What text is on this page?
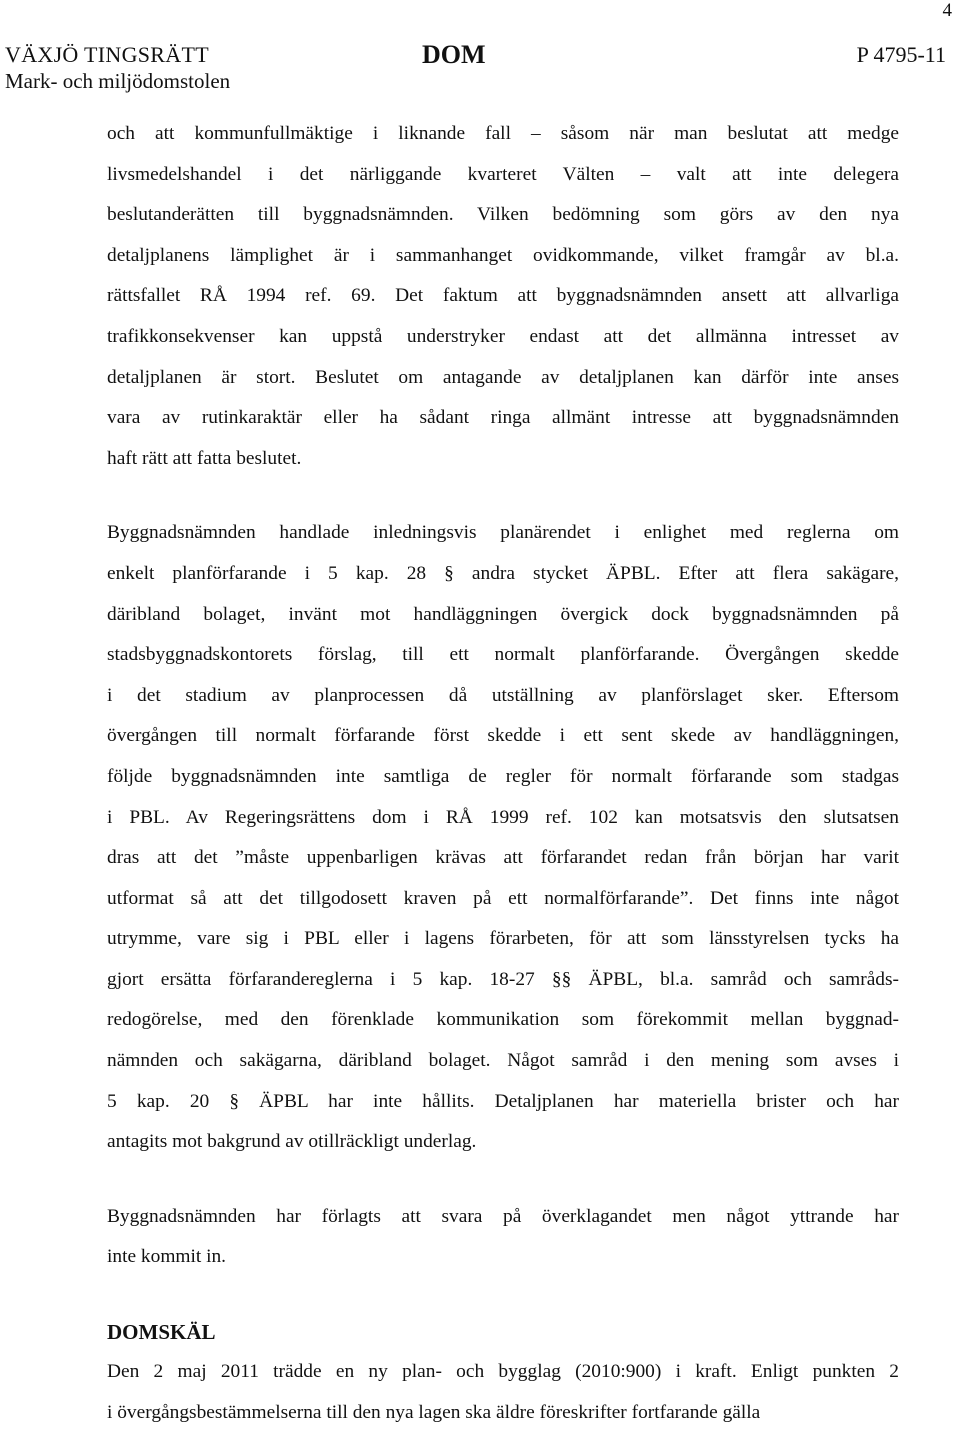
4
VÄXJÖ TINGSRÄTT
Mark- och miljödomstolen
DOM	P 4795-11

och att kommunfullmäktige i liknande fall – såsom när man beslutat att medge
livsmedelshandel i det närliggande kvarteret Välten – valt att inte delegera
beslutanderätten till byggnadsnämnden. Vilken bedömning som görs av den nya
detaljplanens lämplighet är i sammanhanget ovidkommande, vilket framgår av bl.a.
rättsfallet RÅ 1994 ref. 69. Det faktum att byggnadsnämnden ansett att allvarliga
trafikkonsekvenser kan uppstå understryker endast att det allmänna intresset av
detaljplanen är stort. Beslutet om antagande av detaljplanen kan därför inte anses
vara av rutinkaraktär eller ha sådant ringa allmänt intresse att byggnadsnämnden
haft rätt att fatta beslutet.

Byggnadsnämnden handlade inledningsvis planärendet i enlighet med reglerna om
enkelt planförfarande i 5 kap. 28 § andra stycket ÄPBL. Efter att flera sakägare,
däribland bolaget, invänt mot handläggningen övergick dock byggnadsnämnden på
stadsbyggnadskontorets förslag, till ett normalt planförfarande. Övergången skedde
i det stadium av planprocessen då utställning av planförslaget sker. Eftersom
övergången till normalt förfarande först skedde i ett sent skede av handläggningen,
följde byggnadsnämnden inte samtliga de regler för normalt förfarande som stadgas
i PBL. Av Regeringsrättens dom i RÅ 1999 ref. 102 kan motsatsvis den slutsatsen
dras att det ”måste uppenbarligen krävas att förfarandet redan från början har varit
utformat så att det tillgodosett kraven på ett normalförfarande”. Det finns inte något
utrymme, vare sig i PBL eller i lagens förarbeten, för att som länsstyrelsen tycks ha
gjort ersätta förfarandereglerna i 5 kap. 18-27 §§ ÄPBL, bl.a. samråd och samråds-
redogörelse, med den förenklade kommunikation som förekommit mellan byggnad-
nämnden och sakägarna, däribland bolaget. Något samråd i den mening som avses i
5 kap. 20 § ÄPBL har inte hållits. Detaljplanen har materiella brister och har
antagits mot bakgrund av otillräckligt underlag.

Byggnadsnämnden har förlagts att svara på överklagandet men något yttrande har
inte kommit in.

DOMSKÄL

Den 2 maj 2011 trädde en ny plan- och bygglag (2010:900) i kraft. Enligt punkten 2
i övergångsbestämmelserna till den nya lagen ska äldre föreskrifter fortfarande gälla
